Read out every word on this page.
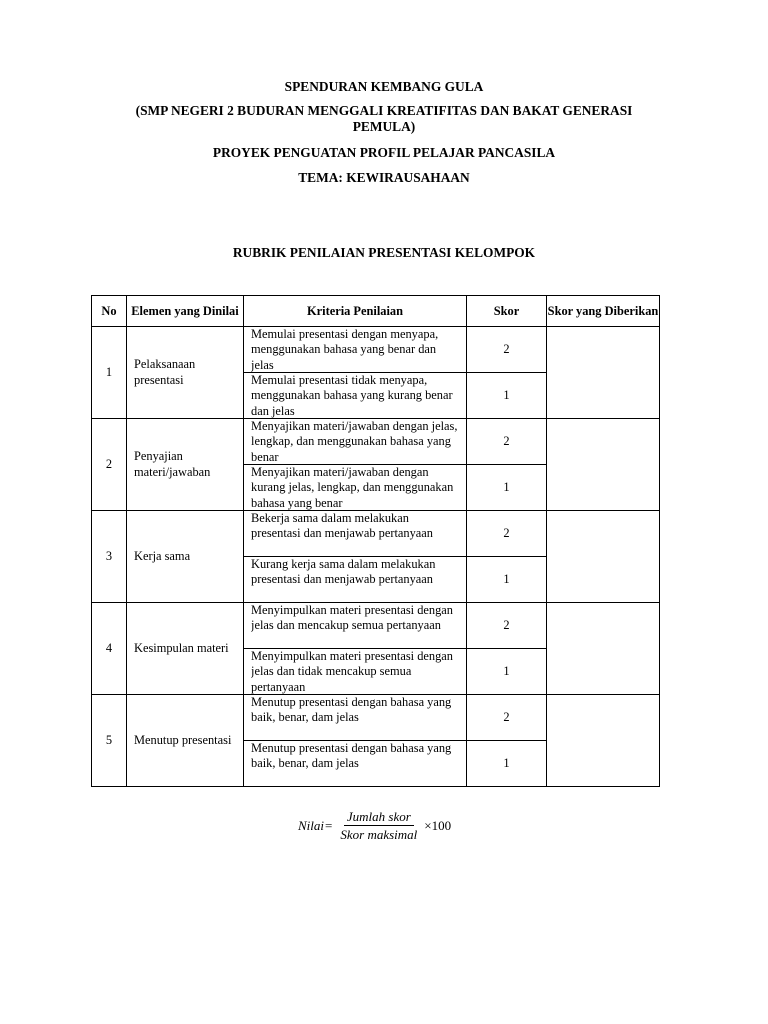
SPENDURAN KEMBANG GULA
(SMP NEGERI 2 BUDURAN MENGGALI KREATIFITAS DAN BAKAT GENERASI
PEMULA)
PROYEK PENGUATAN PROFIL PELAJAR PANCASILA
TEMA: KEWIRAUSAHAAN
RUBRIK PENILAIAN PRESENTASI KELOMPOK
No	Elemen yang Dinilai	Kriteria Penilaian	Skor	Skor yang Diberikan
1	Pelaksanaan presentasi	Memulai presentasi dengan menyapa, menggunakan bahasa yang benar dan jelas	2	

		Memulai presentasi tidak menyapa, menggunakan bahasa yang kurang benar dan jelas	1	
2	Penyajian materi/jawaban	Menyajikan materi/jawaban dengan jelas, lengkap, dan menggunakan bahasa yang benar	2	

		Menyajikan materi/jawaban dengan kurang jelas, lengkap, dan menggunakan bahasa yang benar	1	
3	Kerja sama	Bekerja sama dalam melakukan presentasi dan menjawab pertanyaan	2	

		Kurang kerja sama dalam melakukan presentasi dan menjawab pertanyaan	1	
4	Kesimpulan materi	Menyimpulkan materi presentasi dengan jelas dan mencakup semua pertanyaan	2	

		Menyimpulkan materi presentasi dengan jelas dan tidak mencakup semua pertanyaan	1	
5	Menutup presentasi	Menutup presentasi dengan bahasa yang baik, benar, dam jelas	2	

		Menutup presentasi dengan bahasa yang baik, benar, dam jelas	1	
Nilai = $\frac{\text{Jumlah skor}}{\text{Skor maksimal}} \times 100$
